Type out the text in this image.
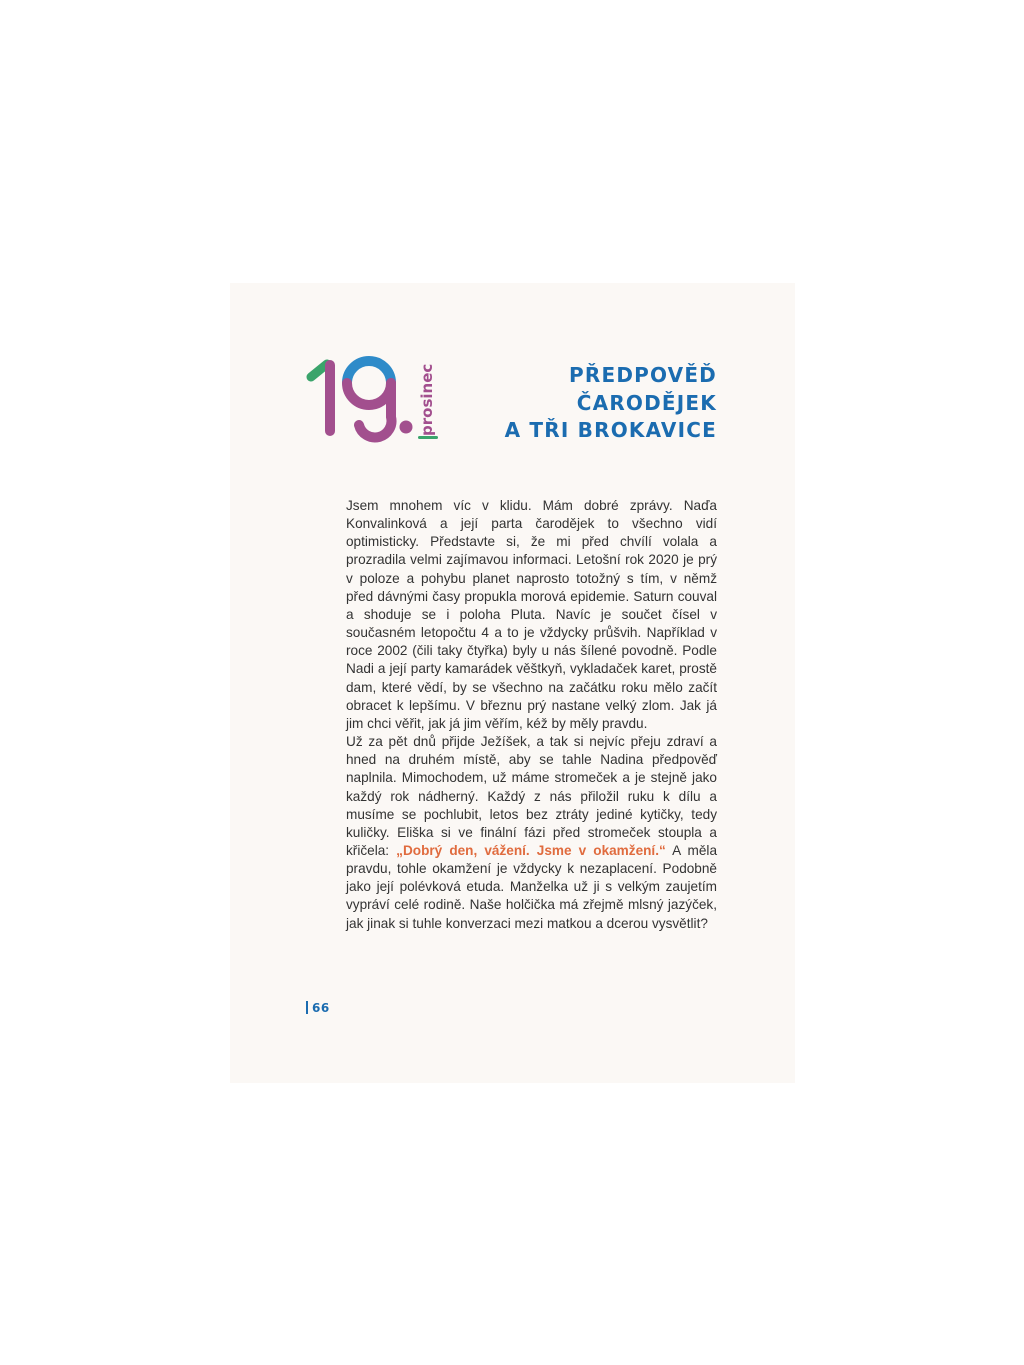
prosinec	PŘEDPOVĚĎ
ČARODĚJEK
A TŘI BROKAVICE

Jsem mnohem víc v klidu. Mám dobré zprávy. Naďa Konvalinková a její parta čarodějek to všechno vidí optimisticky. Představte si, že mi před chvílí volala a prozradila velmi zajímavou informaci. Letošní rok 2020 je prý v poloze a pohybu planet naprosto totožný s tím, v němž před dávnými časy propukla morová epidemie. Saturn couval a shoduje se i poloha Pluta. Navíc je součet čísel v současném letopočtu 4 a to je vždycky průšvih. Například v roce 2002 (čili taky čtyřka) byly u nás šílené povodně. Podle Nadi a její party kamarádek věštkyň, vykladaček karet, prostě dam, které vědí, by se všechno na začátku roku mělo začít obracet k lepšímu. V březnu prý nastane velký zlom. Jak já jim chci věřit, jak já jim věřím, kéž by měly pravdu.

Už za pět dnů přijde Ježíšek, a tak si nejvíc přeju zdraví a hned na druhém místě, aby se tahle Nadina předpověď naplnila. Mimochodem, už máme stromeček a je stejně jako každý rok nádherný. Každý z nás přiložil ruku k dílu a musíme se pochlubit, letos bez ztráty jediné kytičky, tedy kuličky. Eliška si ve finální fázi před stromeček stoupla a křičela: „Dobrý den, vážení. Jsme v okamžení.“ A měla pravdu, tohle okamžení je vždycky k nezaplacení. Podobně jako její polévková etuda. Manželka už ji s velkým zaujetím vypráví celé rodině. Naše holčička má zřejmě mlsný jazýček, jak jinak si tuhle konverzaci mezi matkou a dcerou vysvětlit?

66
